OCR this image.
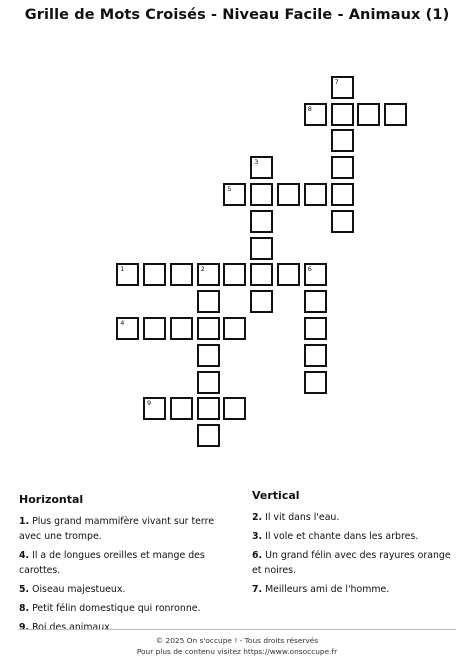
Grille de Mots Croisés - Niveau Facile - Animaux (1)
7
8
3
5
1	2	6
4
9
Horizontal
1. Plus grand mammifère vivant sur terre avec une trompe.
4. Il a de longues oreilles et mange des carottes.
5. Oiseau majestueux.
8. Petit félin domestique qui ronronne.
9. Roi des animaux.
Vertical
2. Il vit dans l'eau.
3. Il vole et chante dans les arbres.
6. Un grand félin avec des rayures orange et noires.
7. Meilleurs ami de l'homme.
© 2025 On s'occupe ! - Tous droits réservés
Pour plus de contenu visitez https://www.onsoccupe.fr
